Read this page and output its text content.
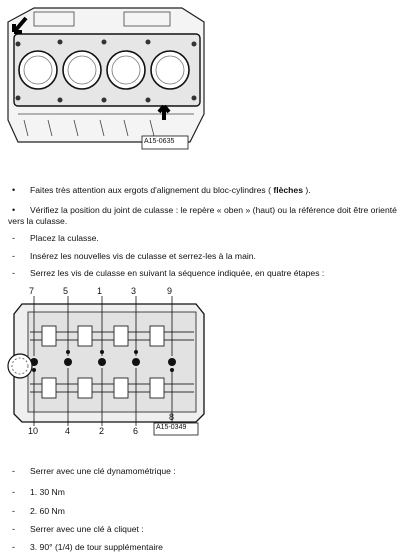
A15-0635
• Faites très attention aux ergots d'alignement du bloc-cylindres ( flèches ).
•	Vérifiez la position du joint de culasse : le repère « oben » (haut) ou la référence doit être orienté vers la culasse.
- Placez la culasse.
- Insérez les nouvelles vis de culasse et serrez-les à la main.
- Serrez les vis de culasse en suivant la séquence indiquée, en quatre étapes :
7	5	1	3	9
10	4	2	6
8
A15-0349
- Serrer avec une clé dynamométrique :
- 1. 30 Nm
- 2. 60 Nm
- Serrer avec une clé à cliquet :
- 3. 90° (1/4) de tour supplémentaire
